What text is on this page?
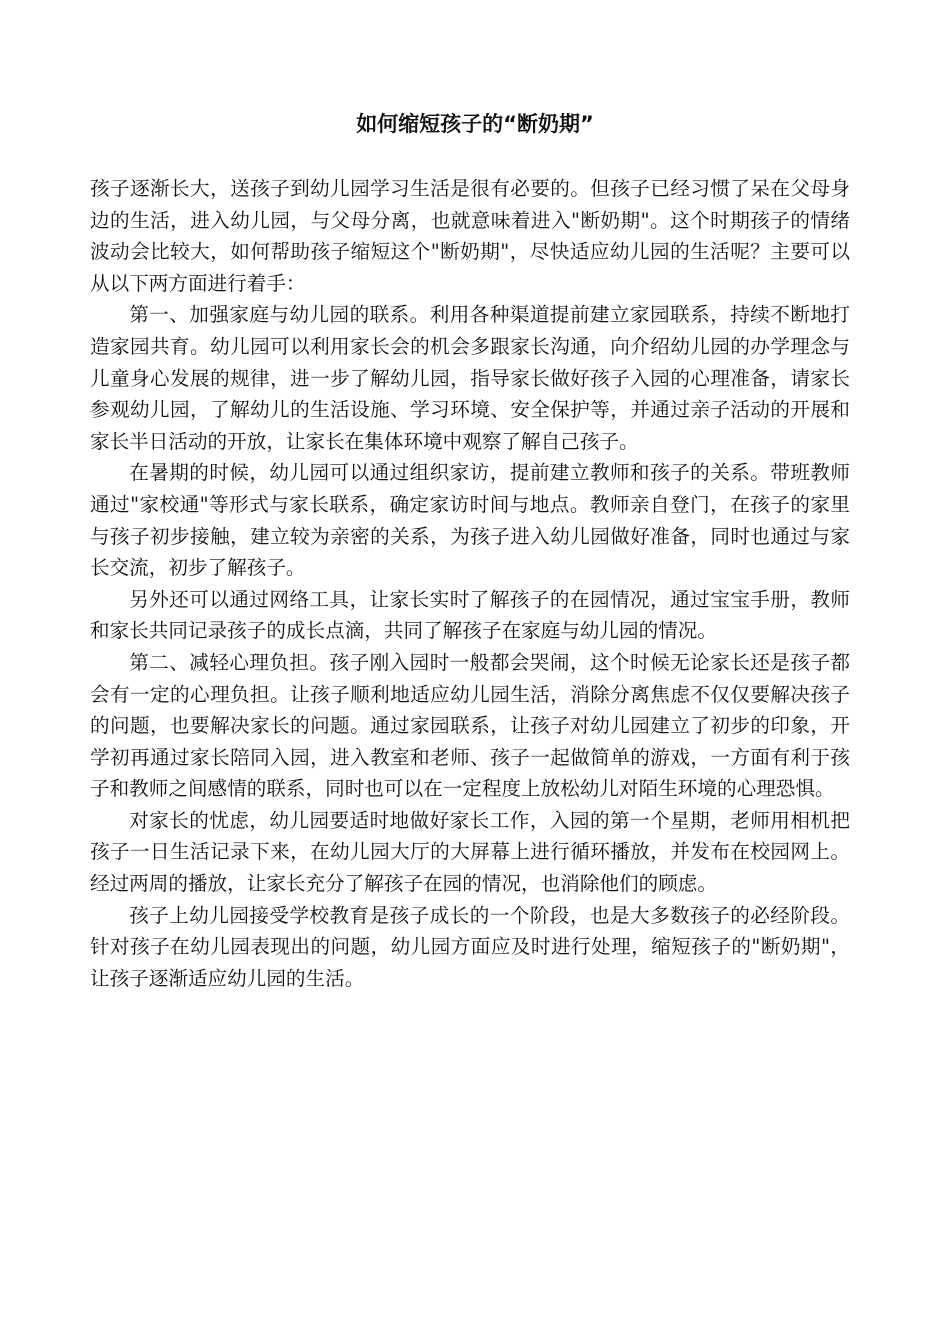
如何缩短孩子的“断奶期”

孩子逐渐长大，送孩子到幼儿园学习生活是很有必要的。但孩子已经习惯了呆在父母身边的生活，进入幼儿园，与父母分离，也就意味着进入"断奶期"。这个时期孩子的情绪波动会比较大，如何帮助孩子缩短这个"断奶期"，尽快适应幼儿园的生活呢？主要可以从以下两方面进行着手：

第一、加强家庭与幼儿园的联系。利用各种渠道提前建立家园联系，持续不断地打造家园共育。幼儿园可以利用家长会的机会多跟家长沟通，向介绍幼儿园的办学理念与儿童身心发展的规律，进一步了解幼儿园，指导家长做好孩子入园的心理准备，请家长参观幼儿园，了解幼儿的生活设施、学习环境、安全保护等，并通过亲子活动的开展和家长半日活动的开放，让家长在集体环境中观察了解自己孩子。

在暑期的时候，幼儿园可以通过组织家访，提前建立教师和孩子的关系。带班教师通过"家校通"等形式与家长联系，确定家访时间与地点。教师亲自登门，在孩子的家里与孩子初步接触，建立较为亲密的关系，为孩子进入幼儿园做好准备，同时也通过与家长交流，初步了解孩子。

另外还可以通过网络工具，让家长实时了解孩子的在园情况，通过宝宝手册，教师和家长共同记录孩子的成长点滴，共同了解孩子在家庭与幼儿园的情况。

第二、减轻心理负担。孩子刚入园时一般都会哭闹，这个时候无论家长还是孩子都会有一定的心理负担。让孩子顺利地适应幼儿园生活，消除分离焦虑不仅仅要解决孩子的问题，也要解决家长的问题。通过家园联系，让孩子对幼儿园建立了初步的印象，开学初再通过家长陪同入园，进入教室和老师、孩子一起做简单的游戏，一方面有利于孩子和教师之间感情的联系，同时也可以在一定程度上放松幼儿对陌生环境的心理恐惧。

对家长的忧虑，幼儿园要适时地做好家长工作，入园的第一个星期，老师用相机把孩子一日生活记录下来，在幼儿园大厅的大屏幕上进行循环播放，并发布在校园网上。经过两周的播放，让家长充分了解孩子在园的情况，也消除他们的顾虑。

孩子上幼儿园接受学校教育是孩子成长的一个阶段，也是大多数孩子的必经阶段。针对孩子在幼儿园表现出的问题，幼儿园方面应及时进行处理，缩短孩子的"断奶期"，让孩子逐渐适应幼儿园的生活。
